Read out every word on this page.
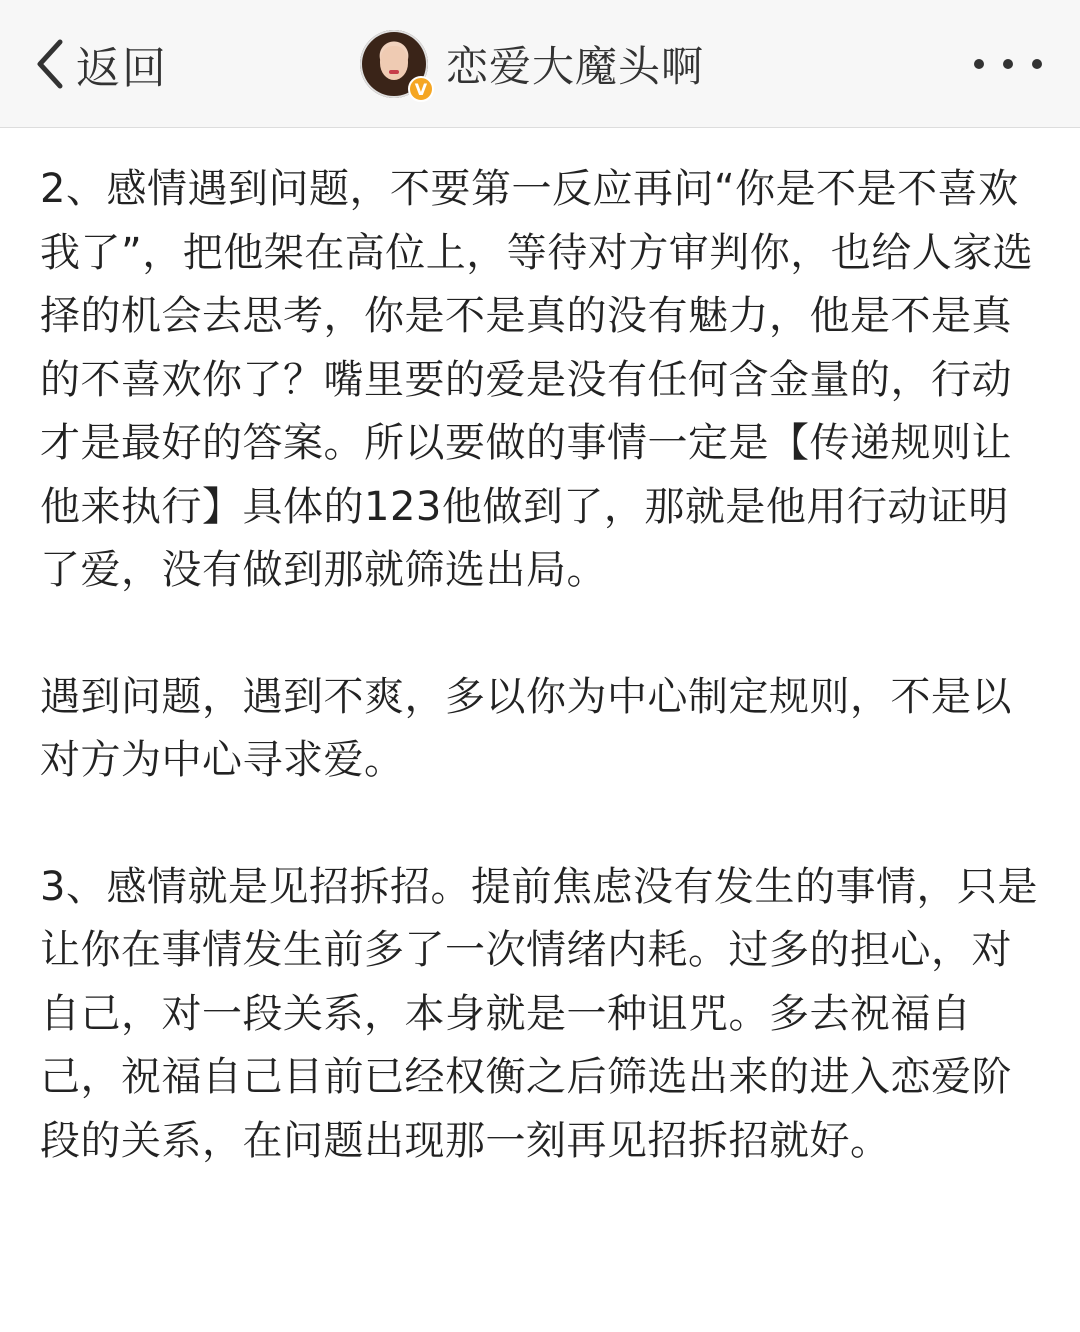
返回	V 恋爱大魔头啊

2、感情遇到问题，不要第一反应再问“你是不是不喜欢我了”，把他架在高位上，等待对方审判你，也给人家选择的机会去思考，你是不是真的没有魅力，他是不是真的不喜欢你了？嘴里要的爱是没有任何含金量的，行动才是最好的答案。所以要做的事情一定是【传递规则让他来执行】具体的123他做到了，那就是他用行动证明了爱，没有做到那就筛选出局。

遇到问题，遇到不爽，多以你为中心制定规则，不是以对方为中心寻求爱。

3、感情就是见招拆招。提前焦虑没有发生的事情，只是让你在事情发生前多了一次情绪内耗。过多的担心，对自己，对一段关系，本身就是一种诅咒。多去祝福自己，祝福自己目前已经权衡之后筛选出来的进入恋爱阶段的关系，在问题出现那一刻再见招拆招就好。
